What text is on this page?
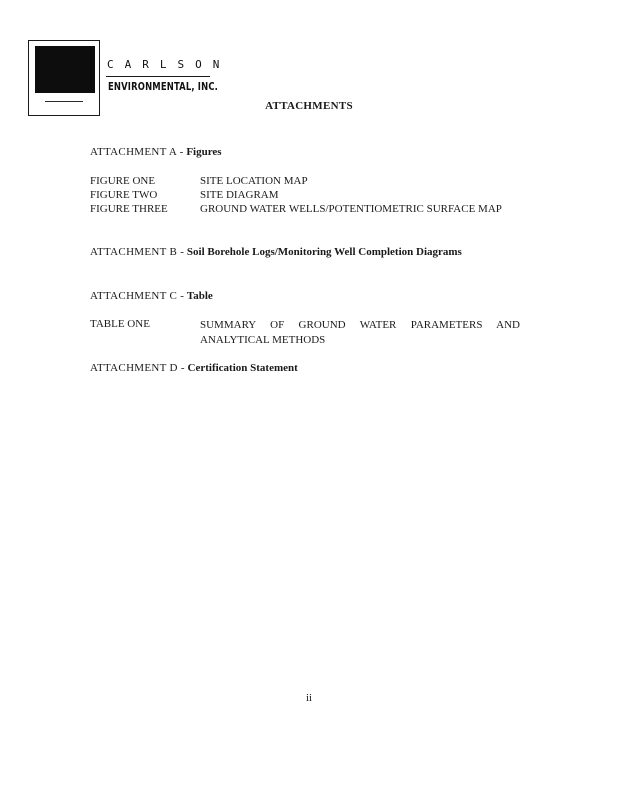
CARLSON
ENVIRONMENTAL, INC.
ATTACHMENTS
ATTACHMENT A - Figures
FIGURE ONE	SITE LOCATION MAP
FIGURE TWO	SITE DIAGRAM
FIGURE THREE	GROUND WATER WELLS/POTENTIOMETRIC SURFACE MAP
ATTACHMENT B - Soil Borehole Logs/Monitoring Well Completion Diagrams
ATTACHMENT C - Table
TABLE ONE	SUMMARY OF GROUND WATER PARAMETERS AND ANALYTICAL METHODS
ATTACHMENT D - Certification Statement
ii
